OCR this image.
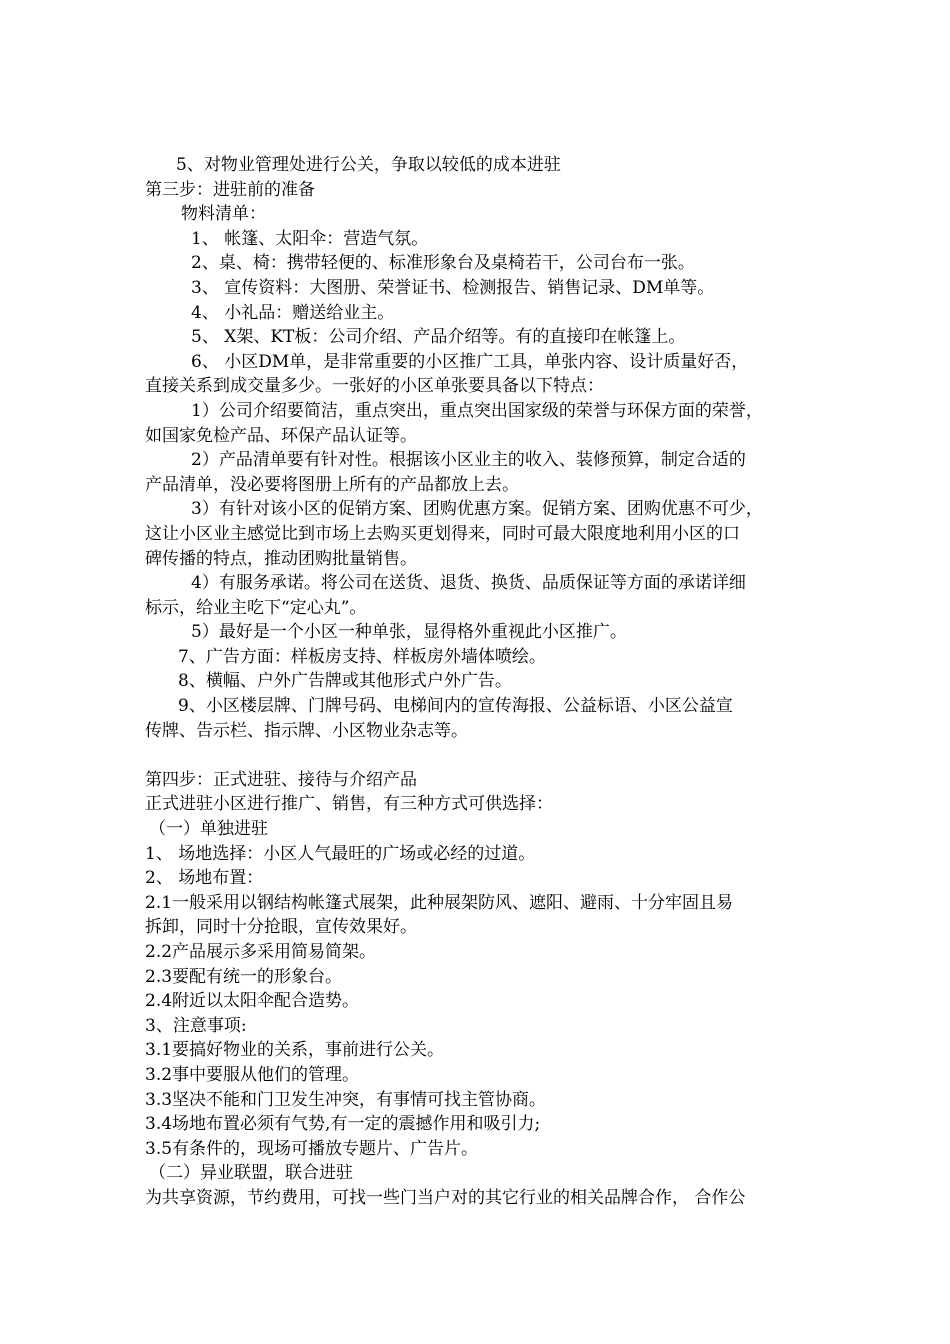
5、对物业管理处进行公关，争取以较低的成本进驻
第三步：进驻前的准备
物料清单：
1、 帐篷、太阳伞：营造气氛。
2、桌、椅：携带轻便的、标准形象台及桌椅若干，公司台布一张。
3、 宣传资料：大图册、荣誉证书、检测报告、销售记录、DM单等。
4、 小礼品：赠送给业主。
5、 X架、KT板：公司介绍、产品介绍等。有的直接印在帐篷上。
6、 小区DM单，是非常重要的小区推广工具，单张内容、设计质量好否，
直接关系到成交量多少。一张好的小区单张要具备以下特点：
1）公司介绍要简洁，重点突出，重点突出国家级的荣誉与环保方面的荣誉，
如国家免检产品、环保产品认证等。
2）产品清单要有针对性。根据该小区业主的收入、装修预算，制定合适的
产品清单，没必要将图册上所有的产品都放上去。
3）有针对该小区的促销方案、团购优惠方案。促销方案、团购优惠不可少，
这让小区业主感觉比到市场上去购买更划得来，同时可最大限度地利用小区的口
碑传播的特点，推动团购批量销售。
4）有服务承诺。将公司在送货、退货、换货、品质保证等方面的承诺详细
标示，给业主吃下“定心丸”。
5）最好是一个小区一种单张，显得格外重视此小区推广。
7、广告方面：样板房支持、样板房外墙体喷绘。
8、横幅、户外广告牌或其他形式户外广告。
9、小区楼层牌、门牌号码、电梯间内的宣传海报、公益标语、小区公益宣
传牌、告示栏、指示牌、小区物业杂志等。
第四步：正式进驻、接待与介绍产品
正式进驻小区进行推广、销售，有三种方式可供选择：
（一）单独进驻
1、 场地选择：小区人气最旺的广场或必经的过道。
2、 场地布置：
2.1一般采用以钢结构帐篷式展架，此种展架防风、遮阳、避雨、十分牢固且易
拆卸，同时十分抢眼，宣传效果好。
2.2产品展示多采用简易简架。
2.3要配有统一的形象台。
2.4附近以太阳伞配合造势。
3、注意事项:
3.1要搞好物业的关系，事前进行公关。
3.2事中要服从他们的管理。
3.3坚决不能和门卫发生冲突，有事情可找主管协商。
3.4场地布置必须有气势,有一定的震撼作用和吸引力;
3.5有条件的，现场可播放专题片、广告片。
（二）异业联盟，联合进驻
为共享资源，节约费用，可找一些门当户对的其它行业的相关品牌合作， 合作公
